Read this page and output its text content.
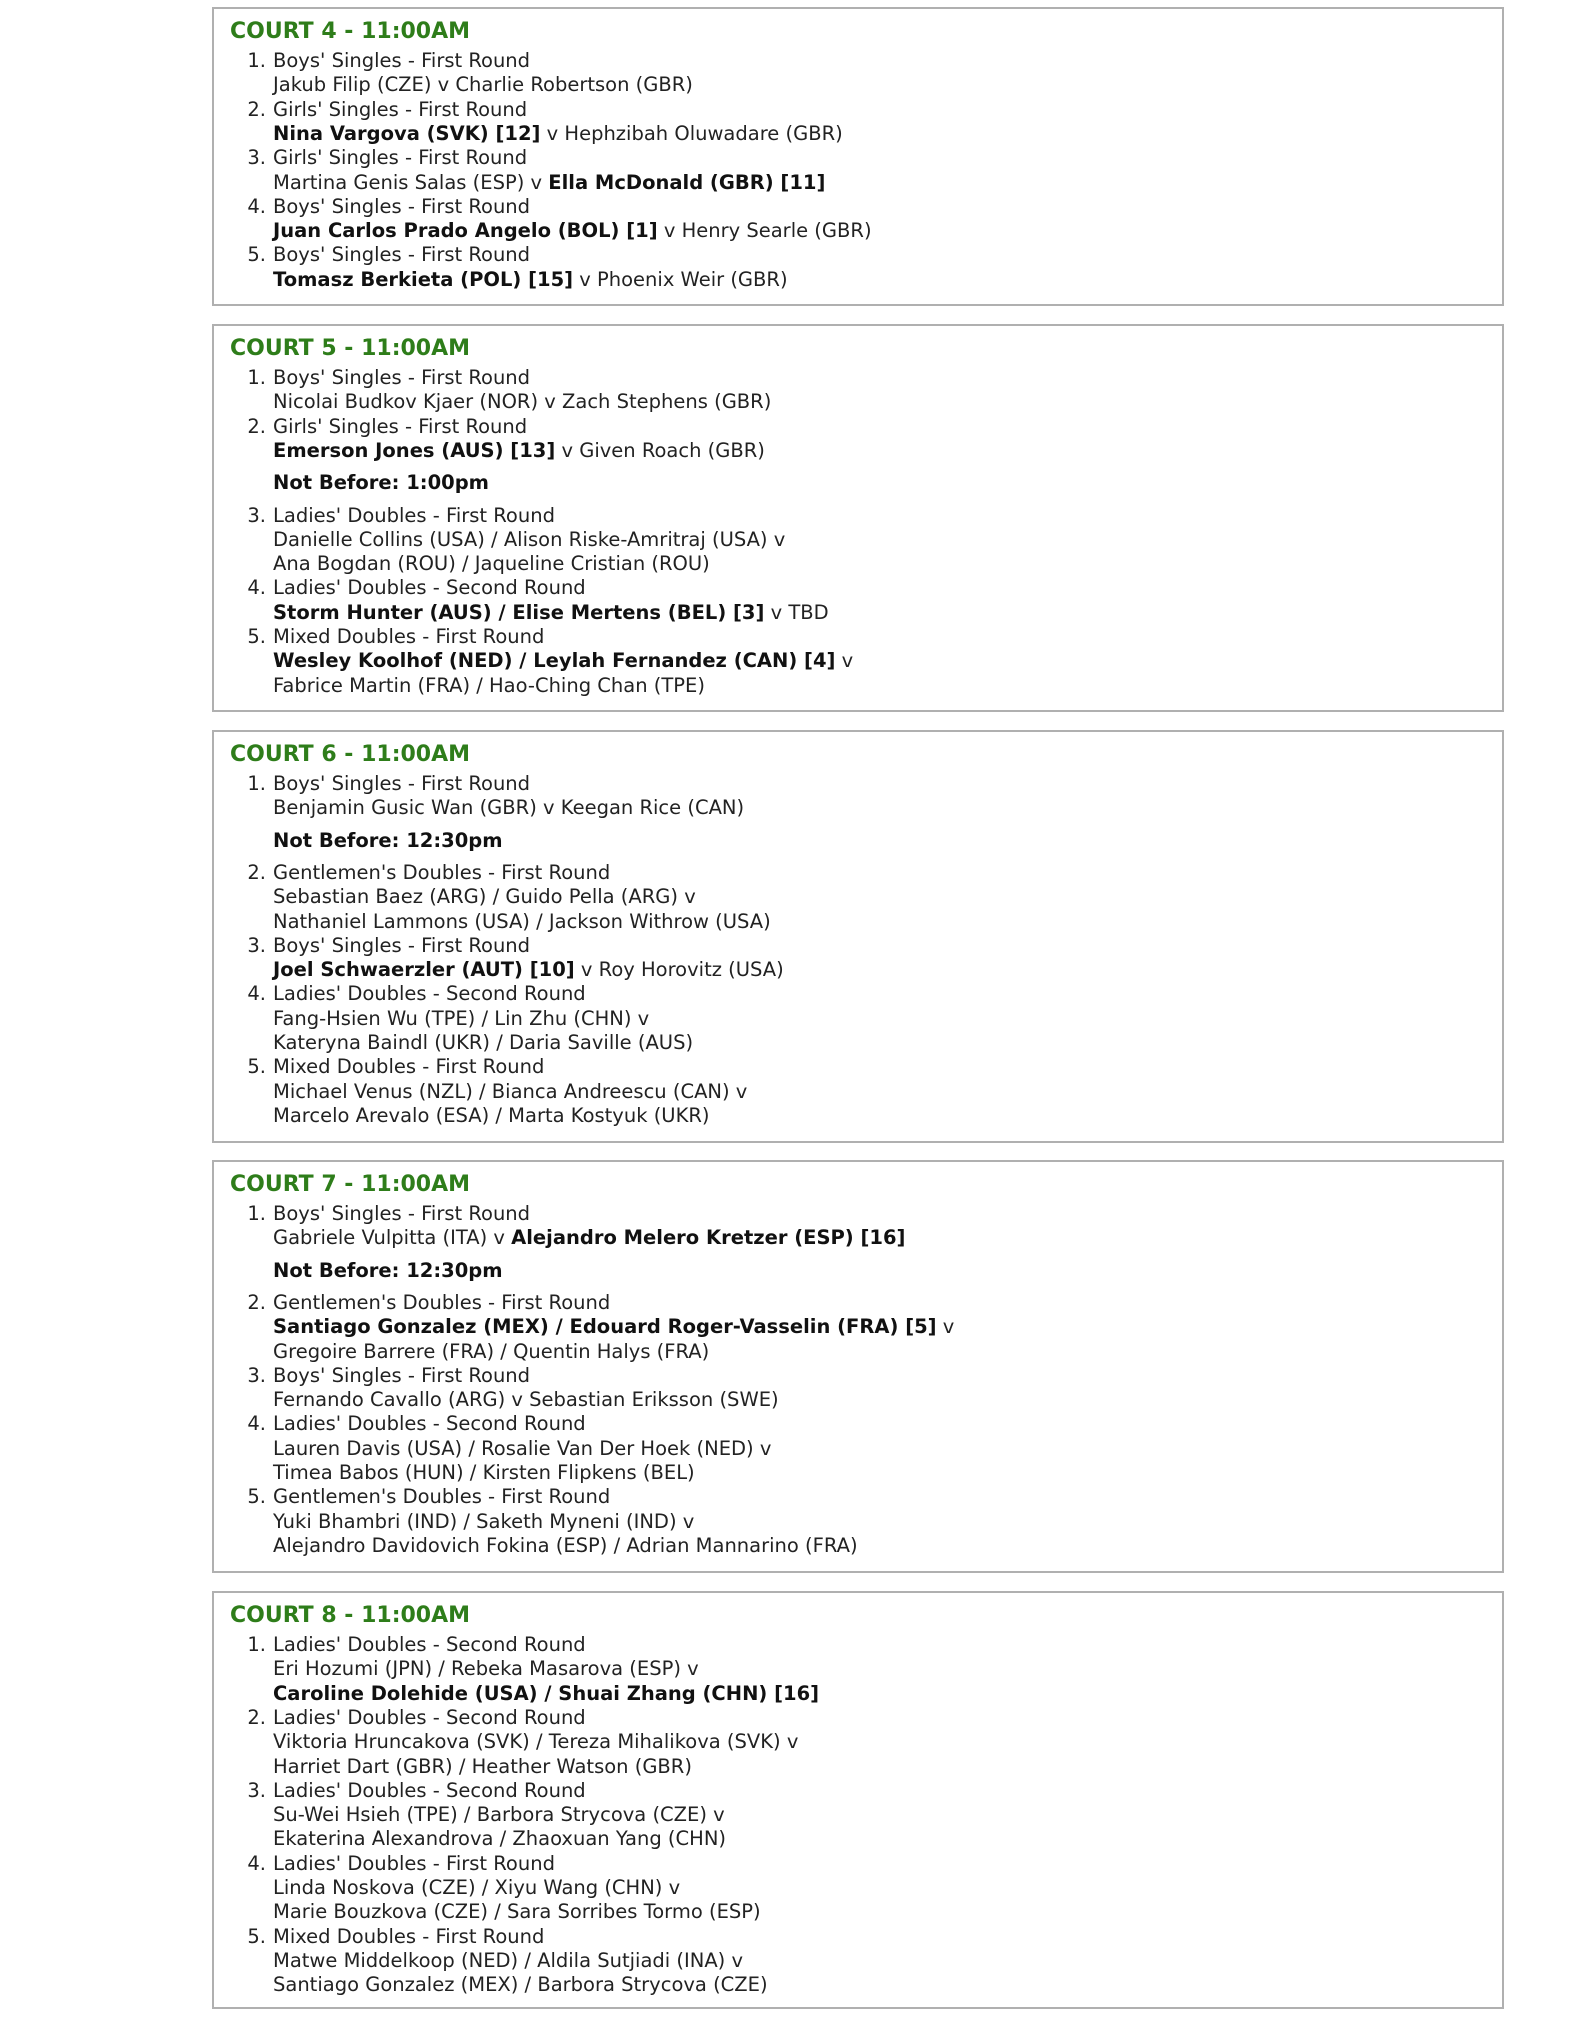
COURT 4 - 11:00AM
1. Boys' Singles - First Round
Jakub Filip (CZE) v Charlie Robertson (GBR)
2. Girls' Singles - First Round
Nina Vargova (SVK) [12] v Hephzibah Oluwadare (GBR)
3. Girls' Singles - First Round
Martina Genis Salas (ESP) v Ella McDonald (GBR) [11]
4. Boys' Singles - First Round
Juan Carlos Prado Angelo (BOL) [1] v Henry Searle (GBR)
5. Boys' Singles - First Round
Tomasz Berkieta (POL) [15] v Phoenix Weir (GBR)
COURT 5 - 11:00AM
1. Boys' Singles - First Round
Nicolai Budkov Kjaer (NOR) v Zach Stephens (GBR)
2. Girls' Singles - First Round
Emerson Jones (AUS) [13] v Given Roach (GBR)
Not Before: 1:00pm
3. Ladies' Doubles - First Round
Danielle Collins (USA) / Alison Riske-Amritraj (USA) v
Ana Bogdan (ROU) / Jaqueline Cristian (ROU)
4. Ladies' Doubles - Second Round
Storm Hunter (AUS) / Elise Mertens (BEL) [3] v TBD
5. Mixed Doubles - First Round
Wesley Koolhof (NED) / Leylah Fernandez (CAN) [4] v
Fabrice Martin (FRA) / Hao-Ching Chan (TPE)
COURT 6 - 11:00AM
1. Boys' Singles - First Round
Benjamin Gusic Wan (GBR) v Keegan Rice (CAN)
Not Before: 12:30pm
2. Gentlemen's Doubles - First Round
Sebastian Baez (ARG) / Guido Pella (ARG) v
Nathaniel Lammons (USA) / Jackson Withrow (USA)
3. Boys' Singles - First Round
Joel Schwaerzler (AUT) [10] v Roy Horovitz (USA)
4. Ladies' Doubles - Second Round
Fang-Hsien Wu (TPE) / Lin Zhu (CHN) v
Kateryna Baindl (UKR) / Daria Saville (AUS)
5. Mixed Doubles - First Round
Michael Venus (NZL) / Bianca Andreescu (CAN) v
Marcelo Arevalo (ESA) / Marta Kostyuk (UKR)
COURT 7 - 11:00AM
1. Boys' Singles - First Round
Gabriele Vulpitta (ITA) v Alejandro Melero Kretzer (ESP) [16]
Not Before: 12:30pm
2. Gentlemen's Doubles - First Round
Santiago Gonzalez (MEX) / Edouard Roger-Vasselin (FRA) [5] v
Gregoire Barrere (FRA) / Quentin Halys (FRA)
3. Boys' Singles - First Round
Fernando Cavallo (ARG) v Sebastian Eriksson (SWE)
4. Ladies' Doubles - Second Round
Lauren Davis (USA) / Rosalie Van Der Hoek (NED) v
Timea Babos (HUN) / Kirsten Flipkens (BEL)
5. Gentlemen's Doubles - First Round
Yuki Bhambri (IND) / Saketh Myneni (IND) v
Alejandro Davidovich Fokina (ESP) / Adrian Mannarino (FRA)
COURT 8 - 11:00AM
1. Ladies' Doubles - Second Round
Eri Hozumi (JPN) / Rebeka Masarova (ESP) v
Caroline Dolehide (USA) / Shuai Zhang (CHN) [16]
2. Ladies' Doubles - Second Round
Viktoria Hruncakova (SVK) / Tereza Mihalikova (SVK) v
Harriet Dart (GBR) / Heather Watson (GBR)
3. Ladies' Doubles - Second Round
Su-Wei Hsieh (TPE) / Barbora Strycova (CZE) v
Ekaterina Alexandrova / Zhaoxuan Yang (CHN)
4. Ladies' Doubles - First Round
Linda Noskova (CZE) / Xiyu Wang (CHN) v
Marie Bouzkova (CZE) / Sara Sorribes Tormo (ESP)
5. Mixed Doubles - First Round
Matwe Middelkoop (NED) / Aldila Sutjiadi (INA) v
Santiago Gonzalez (MEX) / Barbora Strycova (CZE)
